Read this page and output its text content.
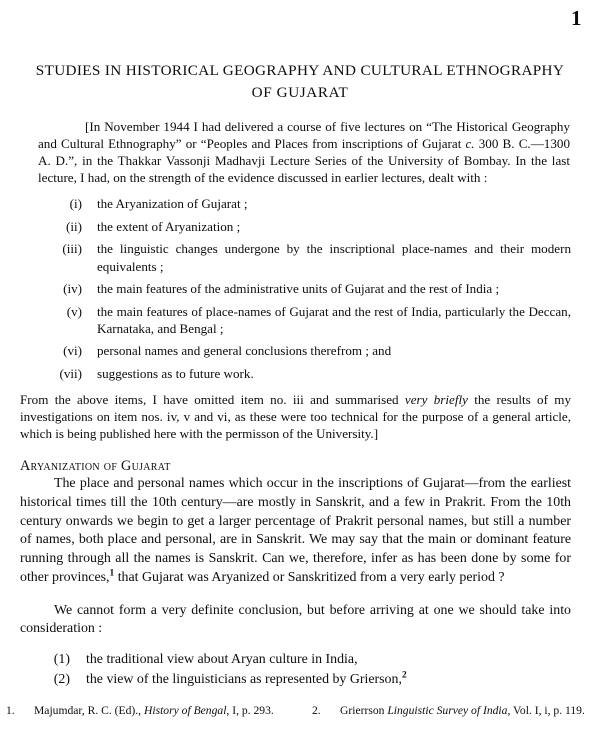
1
STUDIES IN HISTORICAL GEOGRAPHY AND CULTURAL ETHNOGRAPHY
OF GUJARAT

[In November 1944 I had delivered a course of five lectures on “The Historical Geography and Cultural Ethnography” or “Peoples and Places from inscriptions of Gujarat c. 300 B. C.—1300 A. D.”, in the Thakkar Vassonji Madhavji Lecture Series of the University of Bombay. In the last lecture, I had, on the strength of the evidence discussed in earlier lectures, dealt with :

(i) the Aryanization of Gujarat ;
(ii) the extent of Aryanization ;
(iii) the linguistic changes undergone by the inscriptional place-names and their modern equivalents ;
(iv) the main features of the administrative units of Gujarat and the rest of India ;
(v) the main features of place-names of Gujarat and the rest of India, particularly the Deccan, Karnataka, and Bengal ;
(vi) personal names and general conclusions therefrom ; and
(vii) suggestions as to future work.

From the above items, I have omitted item no. iii and summarised very briefly the results of my investigations on item nos. iv, v and vi, as these were too technical for the purpose of a general article, which is being published here with the permisson of the University.]

Aryanization of Gujarat

The place and personal names which occur in the inscriptions of Gujarat—from the earliest historical times till the 10th century—are mostly in Sanskrit, and a few in Prakrit. From the 10th century onwards we begin to get a larger percentage of Prakrit personal names, but still a number of names, both place and personal, are in Sanskrit. We may say that the main or dominant feature running through all the names is Sanskrit. Can we, therefore, infer as has been done by some for other provinces,$^1$ that Gujarat was Aryanized or Sanskritized from a very early period ?

We cannot form a very definite conclusion, but before arriving at one we should take into consideration :

(1) the traditional view about Aryan culture in India,
(2) the view of the linguisticians as represented by Grierson,$^2$
1.	Majumdar, R. C. (Ed)., History of Bengal, I, p. 293.	2.	Grierrson Linguistic Survey of India, Vol. I, i, p. 119.
